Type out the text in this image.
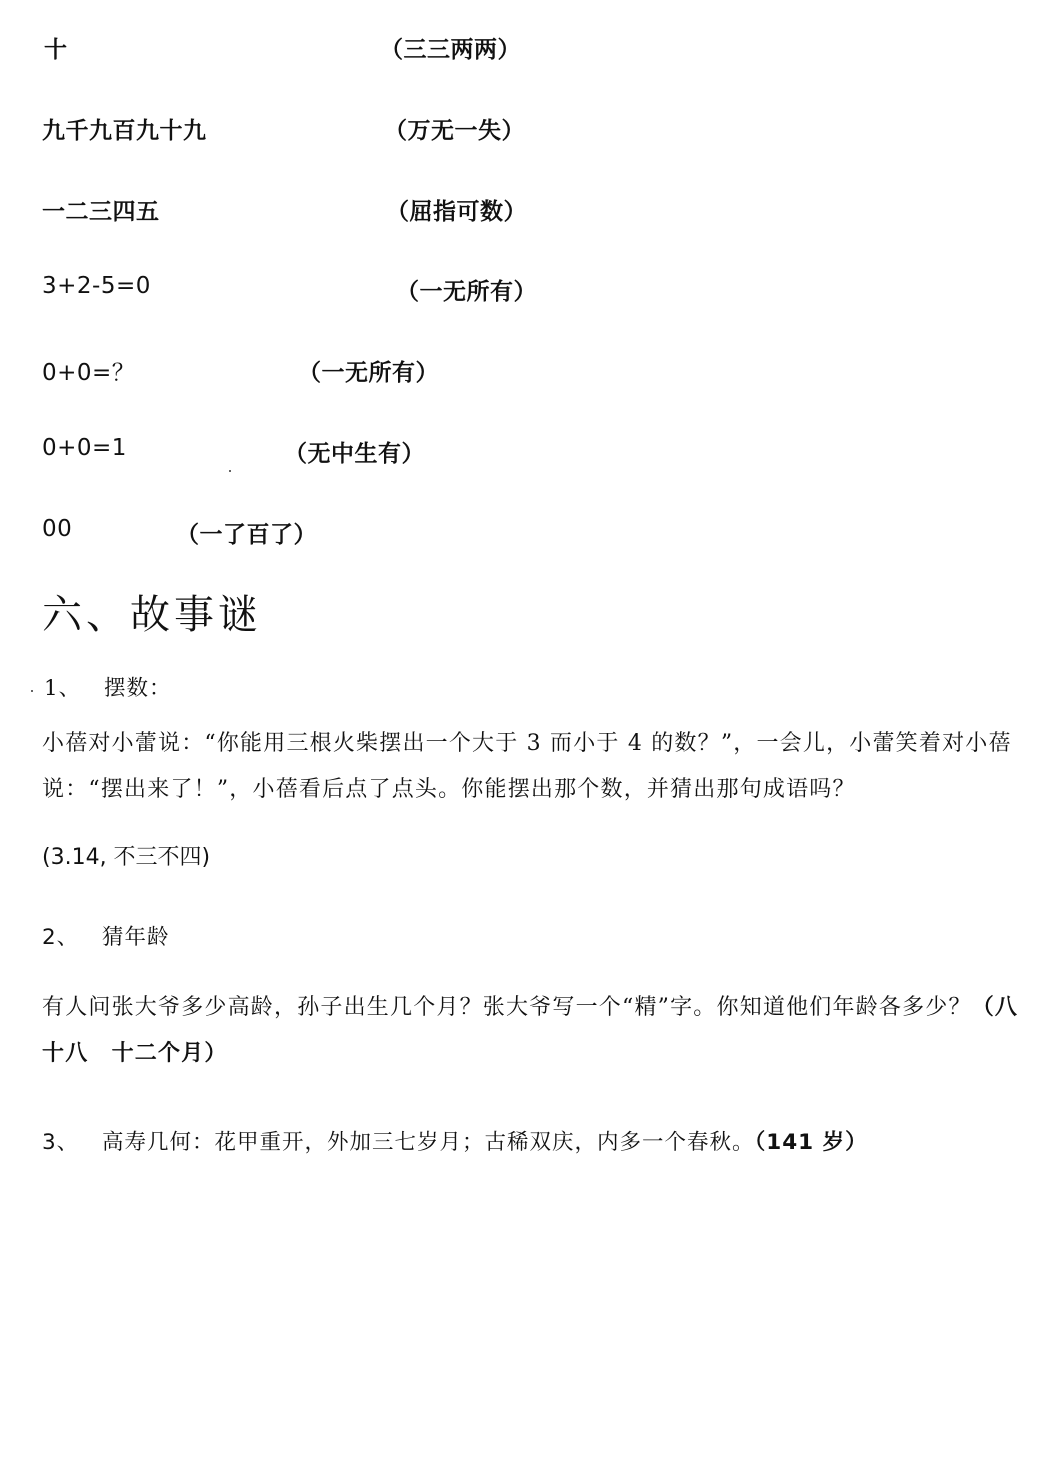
十	（三三两两）
九千九百九十九	（万无一失）
一二三四五	（屈指可数）
3+2-5=0	（一无所有）
0+0=？	（一无所有）
0+0=1	（无中生有）
00	（一了百了）
六、故事谜
1、 摆数：
小蓓对小蕾说：“你能用三根火柴摆出一个大于 3 而小于 4 的数？”，一会儿，小蕾笑着对小蓓说：“摆出来了！”，小蓓看后点了点头。你能摆出那个数，并猜出那句成语吗？
(3.14, 不三不四)
2、 猜年龄
有人问张大爷多少高龄，孙子出生几个月？张大爷写一个“精”字。你知道他们年龄各多少？（八十八　十二个月）
3、 高寿几何：花甲重开，外加三七岁月；古稀双庆，内多一个春秋。（141 岁）
